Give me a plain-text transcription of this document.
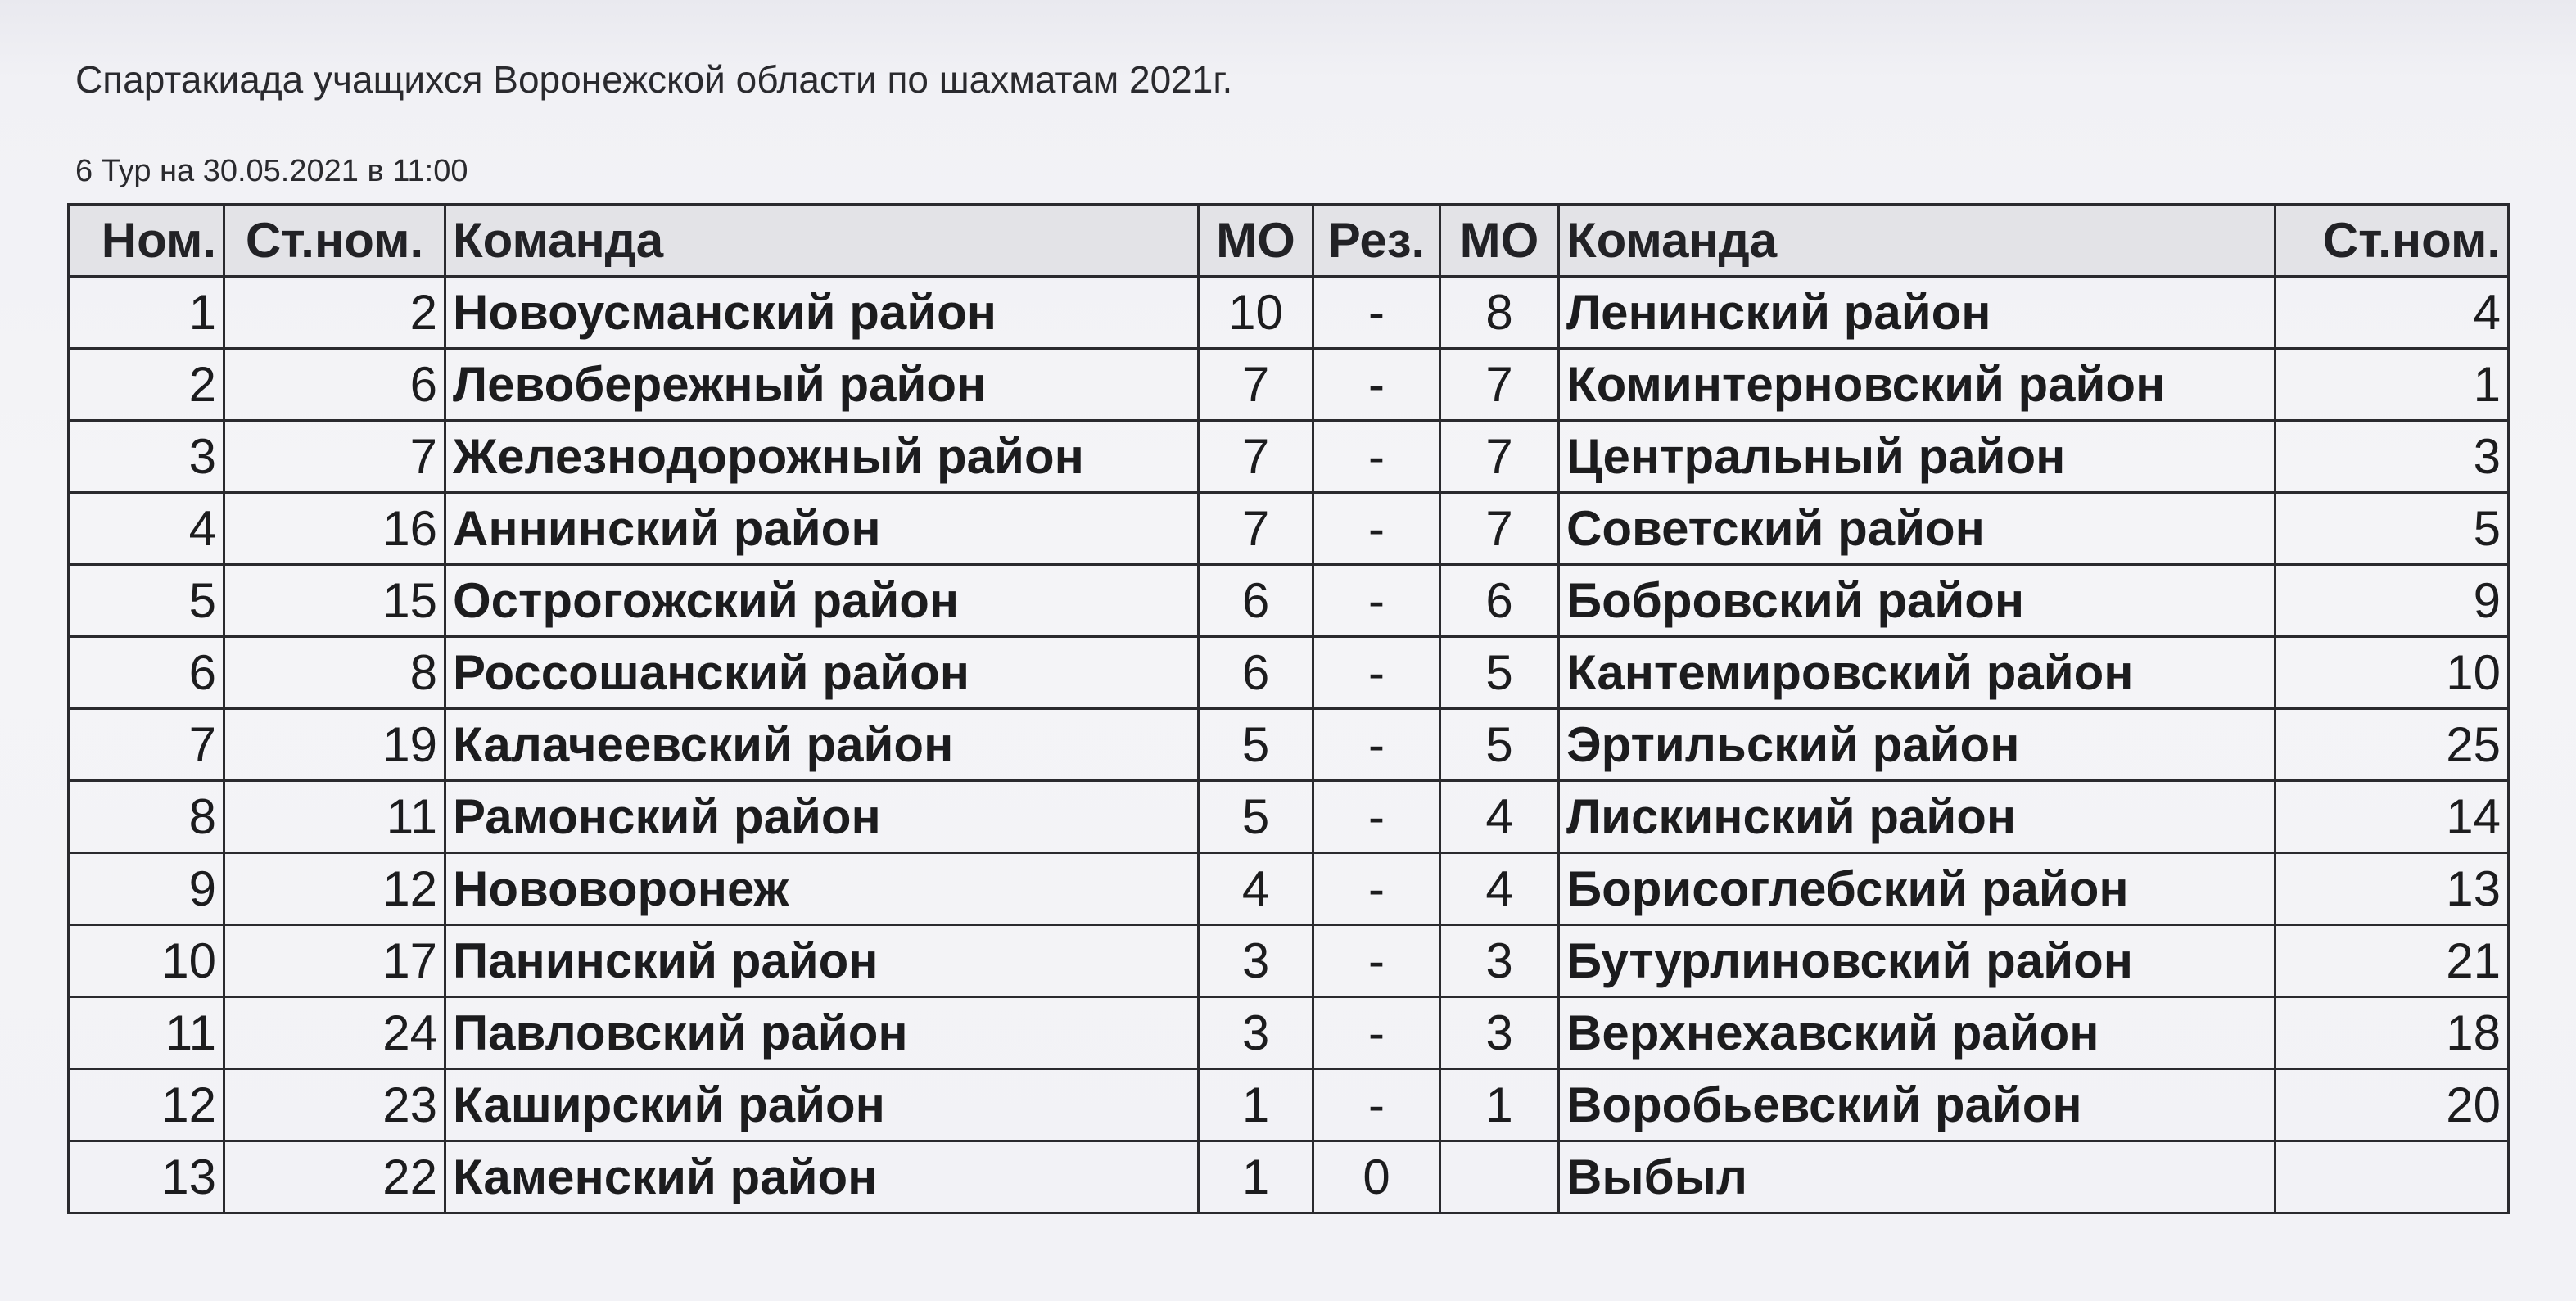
Спартакиада учащихся Воронежской области по шахматам 2021г.
6 Тур на 30.05.2021 в 11:00
Ном.	Ст.ном.	Команда	МО	Рез.	МО	Команда	Ст.ном.
1	2	Новоусманский район	10	-	8	Ленинский район	4
2	6	Левобережный район	7	-	7	Коминтерновский район	1
3	7	Железнодорожный район	7	-	7	Центральный район	3
4	16	Аннинский район	7	-	7	Советский район	5
5	15	Острогожский район	6	-	6	Бобровский район	9
6	8	Россошанский район	6	-	5	Кантемировский район	10
7	19	Калачеевский район	5	-	5	Эртильский район	25
8	11	Рамонский район	5	-	4	Лискинский район	14
9	12	Нововоронеж	4	-	4	Борисоглебский район	13
10	17	Панинский район	3	-	3	Бутурлиновский район	21
11	24	Павловский район	3	-	3	Верхнехавский район	18
12	23	Каширский район	1	-	1	Воробьевский район	20
13	22	Каменский район	1	0		Выбыл	
